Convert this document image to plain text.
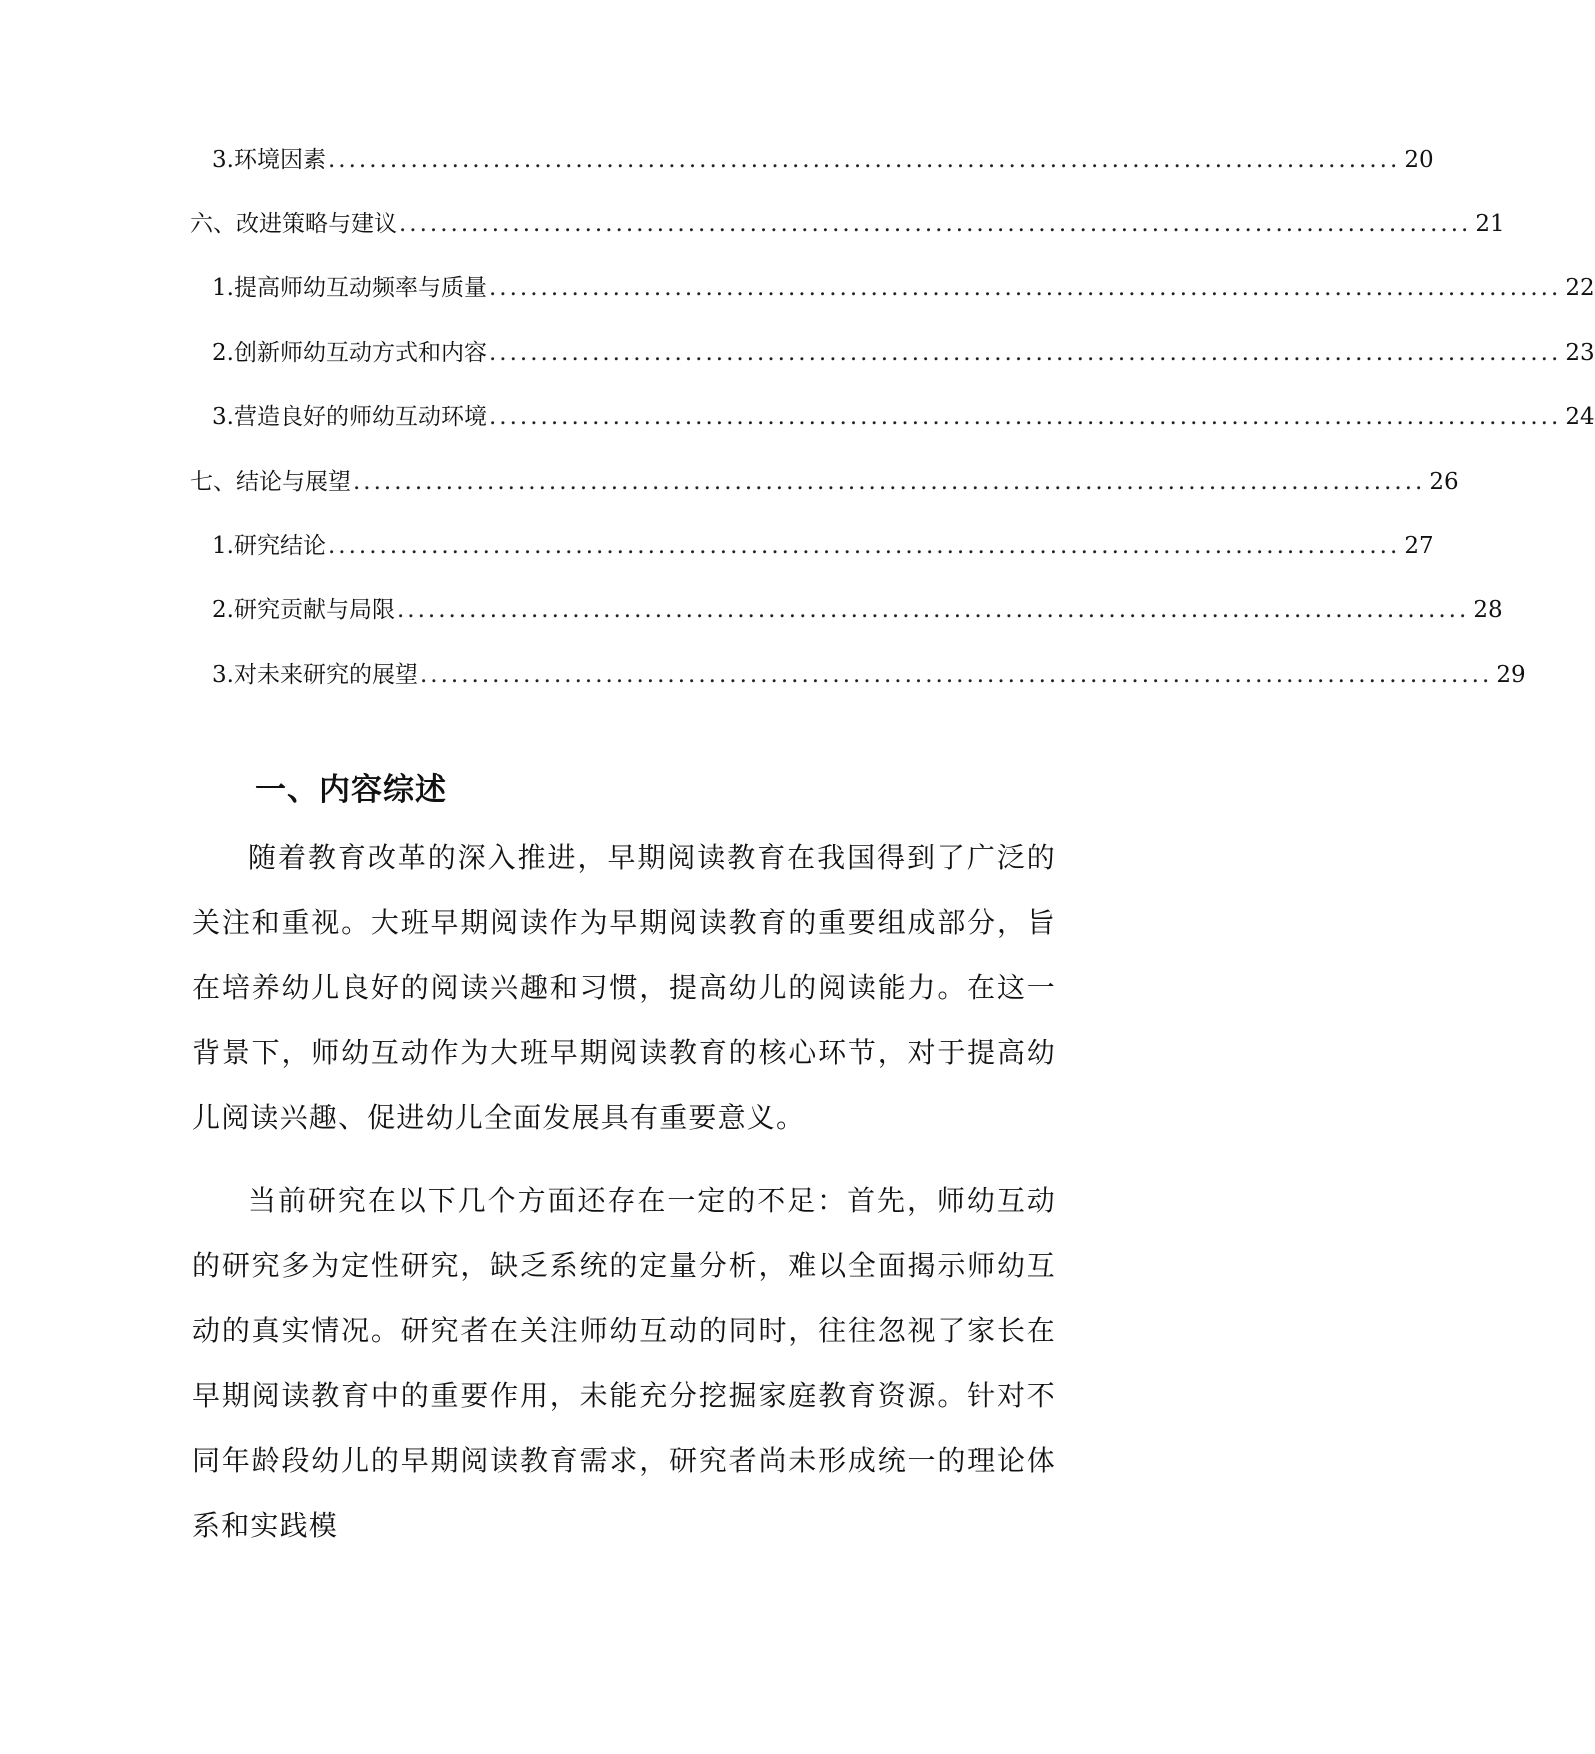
3. 环境因素 ........................................................................................................ 20
六、改进策略与建议 ........................................................................................................ 21
1. 提高师幼互动频率与质量 ........................................................................................................ 22
2. 创新师幼互动方式和内容 ........................................................................................................ 23
3. 营造良好的师幼互动环境 ........................................................................................................ 24
七、结论与展望 ........................................................................................................ 26
1. 研究结论 ........................................................................................................ 27
2. 研究贡献与局限 ........................................................................................................ 28
3. 对未来研究的展望 ........................................................................................................ 29
一、内容综述

随着教育改革的深入推进，早期阅读教育在我国得到了广泛的关注和重视。大班早期阅读作为早期阅读教育的重要组成部分，旨在培养幼儿良好的阅读兴趣和习惯，提高幼儿的阅读能力。在这一背景下，师幼互动作为大班早期阅读教育的核心环节，对于提高幼儿阅读兴趣、促进幼儿全面发展具有重要意义。

当前研究在以下几个方面还存在一定的不足：首先，师幼互动的研究多为定性研究，缺乏系统的定量分析，难以全面揭示师幼互动的真实情况。研究者在关注师幼互动的同时，往往忽视了家长在早期阅读教育中的重要作用，未能充分挖掘家庭教育资源。针对不同年龄段幼儿的早期阅读教育需求，研究者尚未形成统一的理论体系和实践模
